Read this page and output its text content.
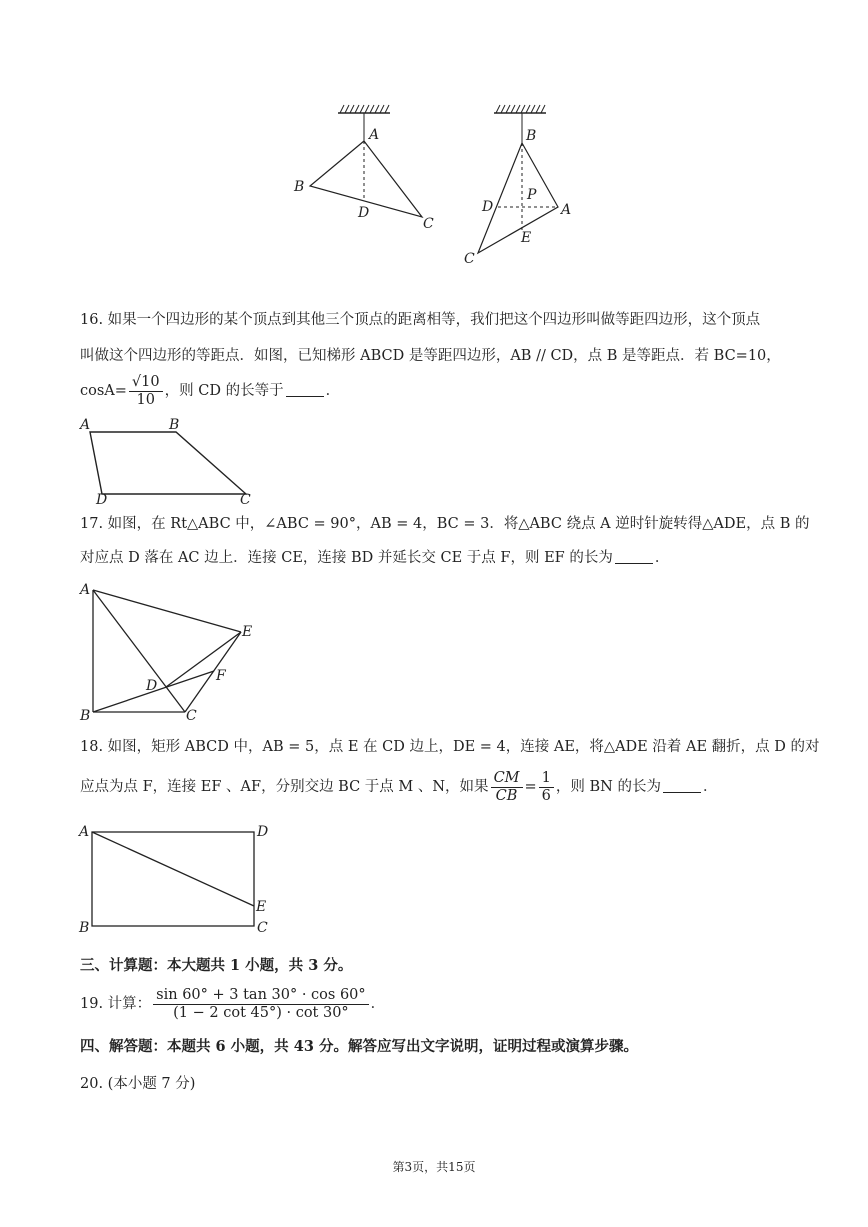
A
B
D
C
B
P
D	A
E
C
16. 如果一个四边形的某个顶点到其他三个顶点的距离相等，我们把这个四边形叫做等距四边形，这个顶点
叫做这个四边形的等距点．如图，已知梯形 ABCD 是等距四边形，AB // CD，点 B 是等距点．若 BC=10，
$\cos A= \frac{√10}{10}$ ，则 CD 的长等于	．
A	B
D	C
17. 如图，在 Rt△ABC 中，∠ABC = 90°，AB = 4，BC = 3．将△ABC 绕点 A 逆时针旋转得△ADE，点 B 的
对应点 D 落在 AC 边上．连接 CE，连接 BD 并延长交 CE 于点 F，则 EF 的长为	．
A
E
F
D
B	C
18. 如图，矩形 ABCD 中，AB = 5，点 E 在 CD 边上，DE = 4，连接 AE，将△ADE 沿着 AE 翻折，点 D 的对
应点为点 F，连接 EF 、AF，分别交边 BC 于点 M 、N，如果 $\frac{CM}{CB} = \frac{1}{6}$ ，则 BN 的长为	．
A	D
E
B	C
三、计算题：本大题共 1 小题，共 3 分。
19. 计算： $\frac{\sin 60^\circ + 3 \tan 30^\circ \cdot \cos 60^\circ}{(1 - 2 \cot 45^\circ) \cdot \cot 30^\circ}$ ．
四、解答题：本题共 6 小题，共 43 分。解答应写出文字说明，证明过程或演算步骤。
20. (本小题 7 分)
第3页，共15页
